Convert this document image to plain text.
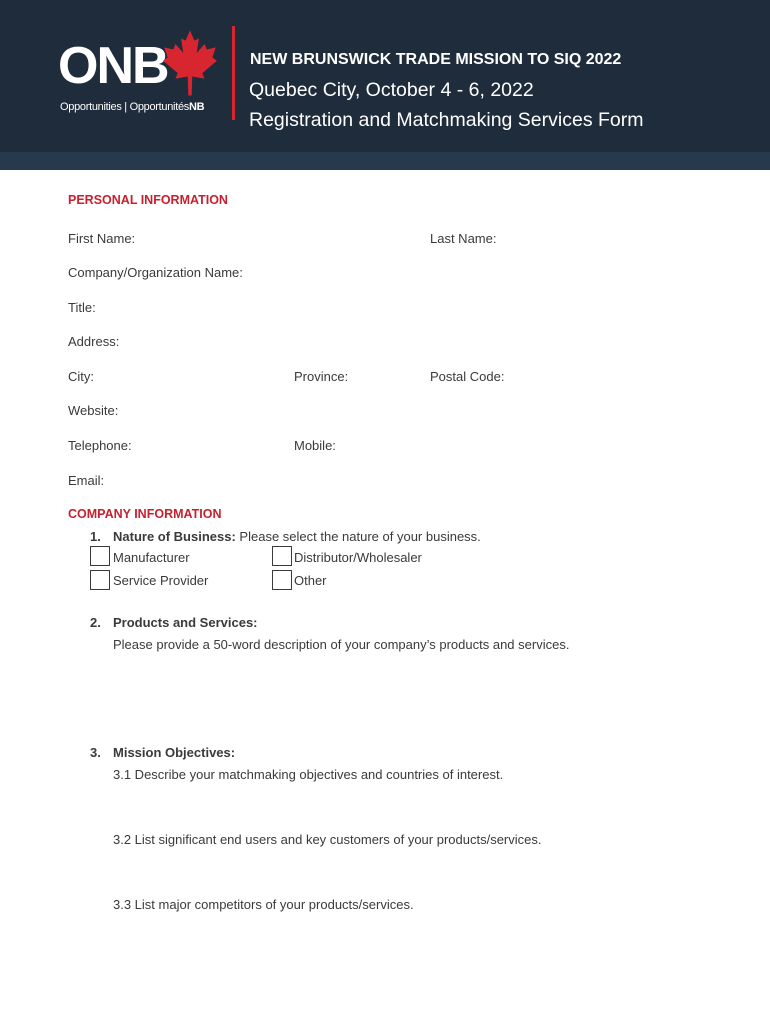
ONB
Opportunities | OpportunitésNB
NEW BRUNSWICK TRADE MISSION TO SIQ 2022
Quebec City, October 4 - 6, 2022
Registration and Matchmaking Services Form
PERSONAL INFORMATION
First Name:	Last Name:
Company/Organization Name:
Title:
Address:
City:	Province:	Postal Code:
Website:
Telephone:	Mobile:
Email:
COMPANY INFORMATION
1. Nature of Business: Please select the nature of your business.
Manufacturer	Distributor/Wholesaler
Service Provider	Other
2. Products and Services:
Please provide a 50-word description of your company’s products and services.
3. Mission Objectives:
3.1 Describe your matchmaking objectives and countries of interest.
3.2 List significant end users and key customers of your products/services.
3.3 List major competitors of your products/services.
